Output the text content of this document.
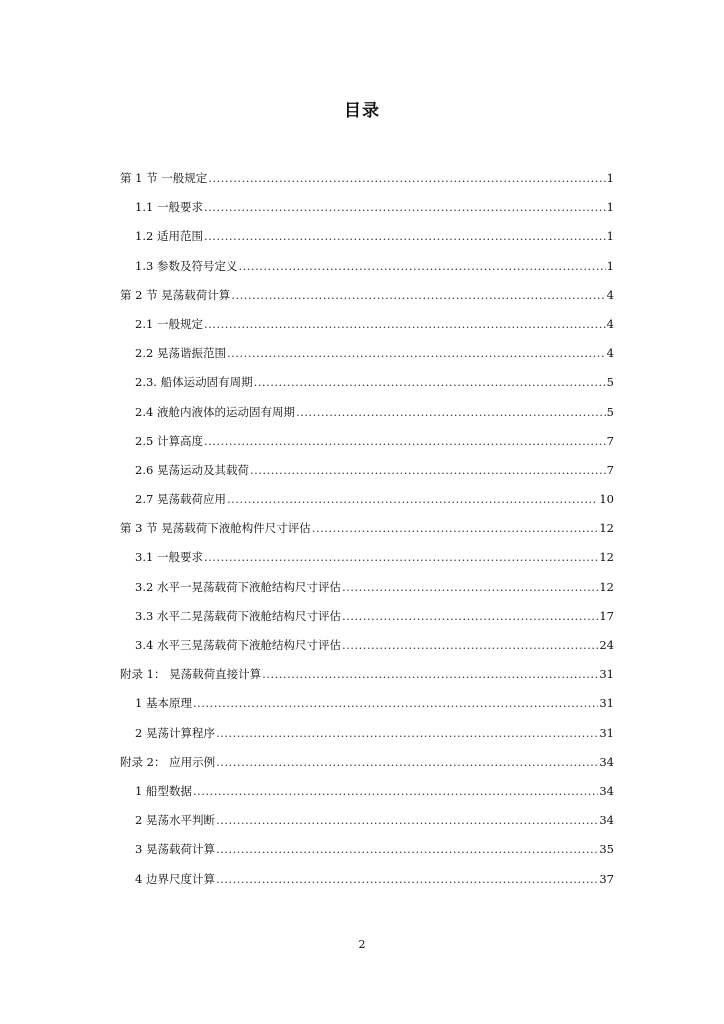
目录
第 1 节 一般规定 .....	1
1.1 一般要求 .....	1
1.2 适用范围 .....	1
1.3 参数及符号定义 .....	1
第 2 节 晃荡载荷计算 .....	4
2.1 一般规定 .....	4
2.2 晃荡谐振范围 .....	4
2.3. 船体运动固有周期 .....	5
2.4 液舱内液体的运动固有周期 .....	5
2.5 计算高度 .....	7
2.6 晃荡运动及其载荷 .....	7
2.7 晃荡载荷应用 .....	10
第 3 节 晃荡载荷下液舱构件尺寸评估 .....	12
3.1 一般要求 .....	12
3.2 水平一晃荡载荷下液舱结构尺寸评估 .....	12
3.3 水平二晃荡载荷下液舱结构尺寸评估 .....	17
3.4 水平三晃荡载荷下液舱结构尺寸评估 .....	24
附录 1： 晃荡载荷直接计算 .....	31
1 基本原理 .....	31
2 晃荡计算程序 .....	31
附录 2： 应用示例 .....	34
1 船型数据 .....	34
2 晃荡水平判断 .....	34
3 晃荡载荷计算 .....	35
4 边界尺度计算 .....	37
2
